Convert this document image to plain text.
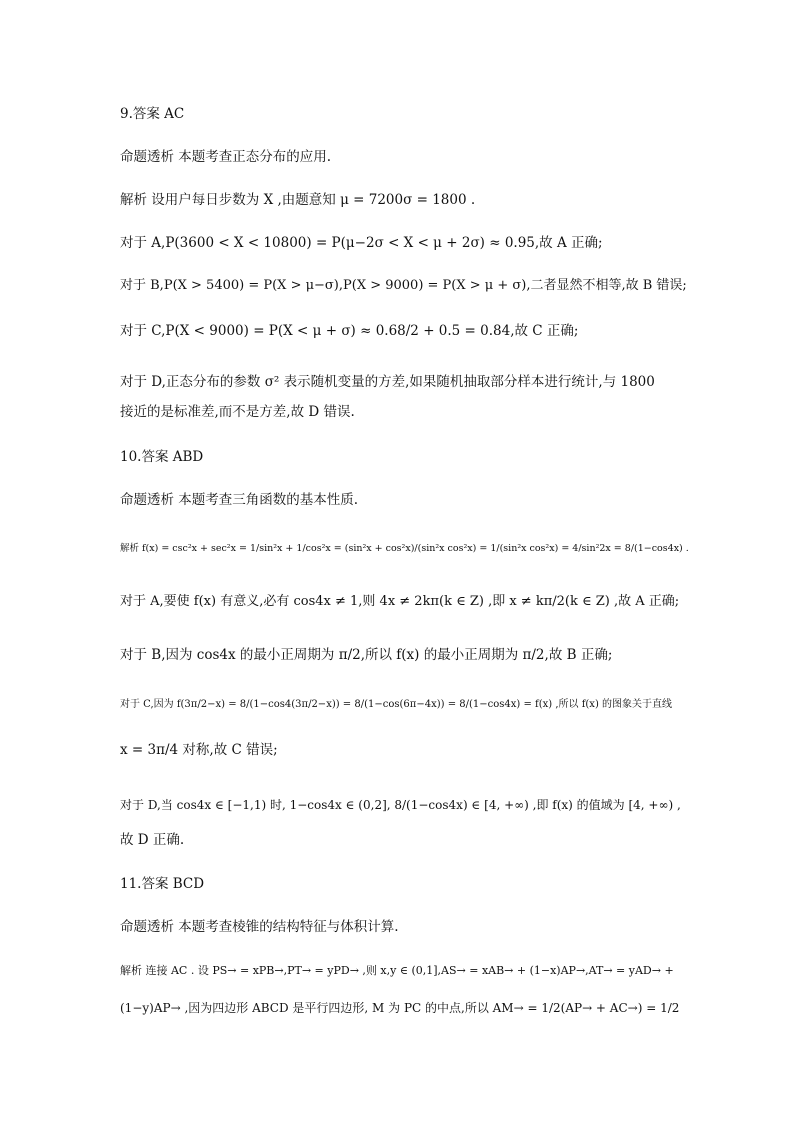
9.答案 AC
命题透析 本题考查正态分布的应用.
解析 设用户每日步数为 X ,由题意知 μ = 7200σ = 1800 .
对于 A,P(3600 < X < 10800) = P(μ−2σ < X < μ + 2σ) ≈ 0.95,故 A 正确;
对于 B,P(X > 5400) = P(X > μ−σ),P(X > 9000) = P(X > μ + σ),二者显然不相等,故 B 错误;
对于 C,P(X < 9000) = P(X < μ + σ) ≈ 0.68/2 + 0.5 = 0.84,故 C 正确;
对于 D,正态分布的参数 σ² 表示随机变量的方差,如果随机抽取部分样本进行统计,与 1800
接近的是标准差,而不是方差,故 D 错误.
10.答案 ABD
命题透析 本题考查三角函数的基本性质.
解析 f(x) = csc²x + sec²x = 1/sin²x + 1/cos²x = (sin²x + cos²x)/(sin²x cos²x) = 1/(sin²x cos²x) = 4/sin²2x = 8/(1−cos4x) .
对于 A,要使 f(x) 有意义,必有 cos4x ≠ 1,则 4x ≠ 2kπ(k ∈ Z) ,即 x ≠ kπ/2(k ∈ Z) ,故 A 正确;
对于 B,因为 cos4x 的最小正周期为 π/2,所以 f(x) 的最小正周期为 π/2,故 B 正确;
对于 C,因为 f(3π/2−x) = 8/(1−cos4(3π/2−x)) = 8/(1−cos(6π−4x)) = 8/(1−cos4x) = f(x) ,所以 f(x) 的图象关于直线
x = 3π/4 对称,故 C 错误;
对于 D,当 cos4x ∈ [−1,1) 时, 1−cos4x ∈ (0,2], 8/(1−cos4x) ∈ [4, +∞) ,即 f(x) 的值域为 [4, +∞) ,
故 D 正确.
11.答案 BCD
命题透析 本题考查棱锥的结构特征与体积计算.
解析 连接 AC . 设 PS→ = xPB→,PT→ = yPD→ ,则 x,y ∈ (0,1],AS→ = xAB→ + (1−x)AP→,AT→ = yAD→ +
(1−y)AP→ ,因为四边形 ABCD 是平行四边形, M 为 PC 的中点,所以 AM→ = 1/2(AP→ + AC→) = 1/2
